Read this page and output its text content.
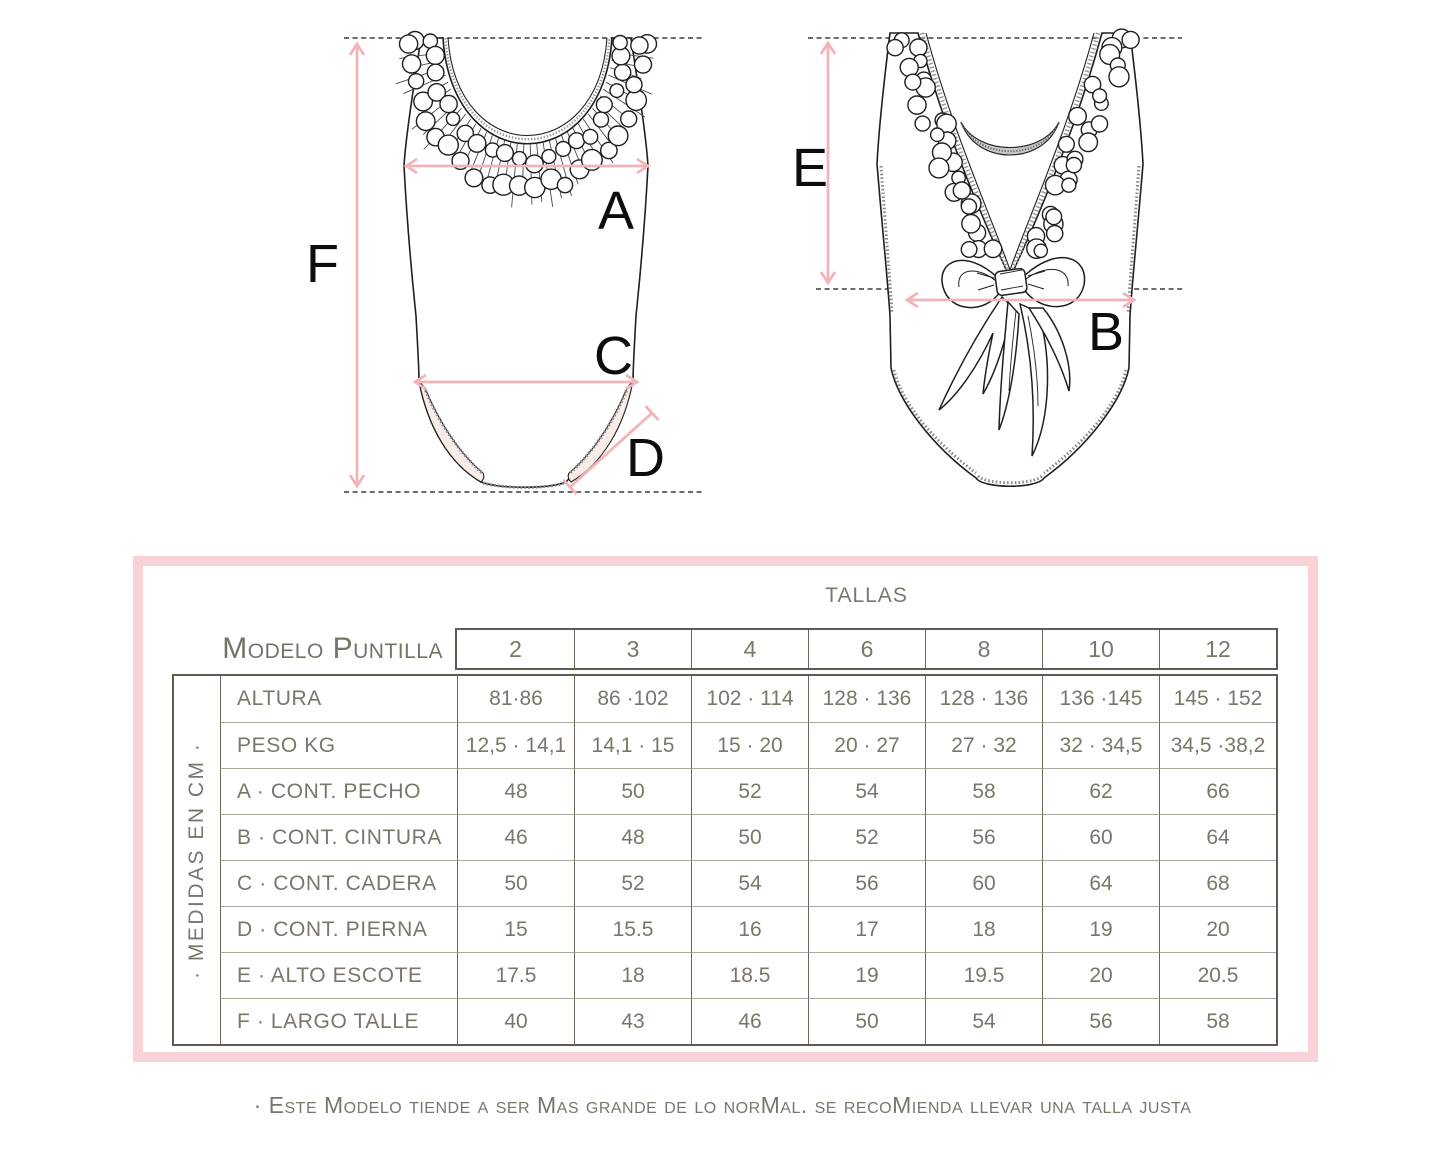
A
C
D
F
E
B
TALLAS
Modelo Puntilla	2	3	4	6	8	10	12
· MEDIDAS EN CM ·
ALTURA	81·86	86 ·102	102 · 114	128 · 136	128 · 136	136 ·145	145 · 152
PESO KG	12,5 · 14,1	14,1 · 15	15 · 20	20 · 27	27 · 32	32 · 34,5	34,5 ·38,2
A · CONT. PECHO	48	50	52	54	58	62	66
B · CONT. CINTURA	46	48	50	52	56	60	64
C · CONT. CADERA	50	52	54	56	60	64	68
D · CONT. PIERNA	15	15.5	16	17	18	19	20
E · ALTO ESCOTE	17.5	18	18.5	19	19.5	20	20.5
F · LARGO TALLE	40	43	46	50	54	56	58
· Este Modelo tiende a ser Mas grande de lo norMal. se recoMienda llevar una talla justa
